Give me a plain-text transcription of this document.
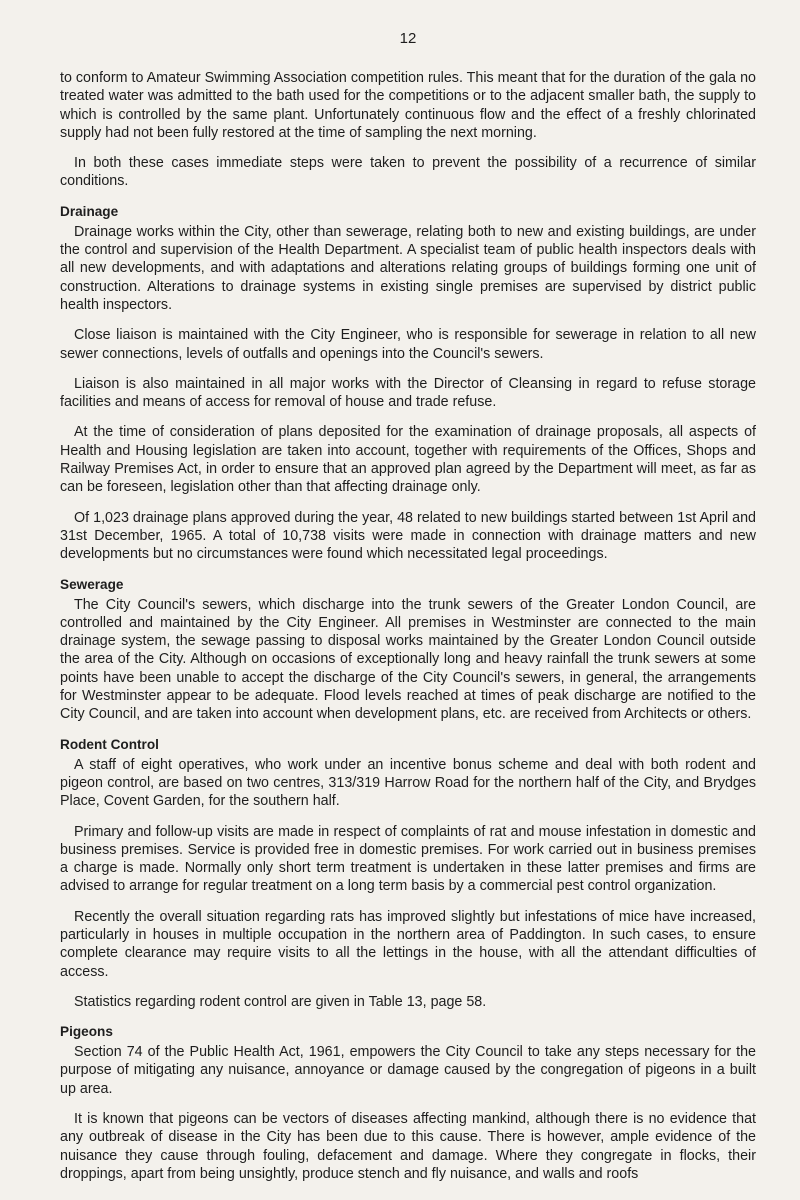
12

to conform to Amateur Swimming Association competition rules. This meant that for the duration of the gala no treated water was admitted to the bath used for the competitions or to the adjacent smaller bath, the supply to which is controlled by the same plant. Unfortunately continuous flow and the effect of a freshly chlorinated supply had not been fully restored at the time of sampling the next morning.

In both these cases immediate steps were taken to prevent the possibility of a recurrence of similar conditions.

Drainage

Drainage works within the City, other than sewerage, relating both to new and existing buildings, are under the control and supervision of the Health Department. A specialist team of public health inspectors deals with all new developments, and with adaptations and alterations relating groups of buildings forming one unit of construction. Alterations to drainage systems in existing single premises are supervised by district public health inspectors.

Close liaison is maintained with the City Engineer, who is responsible for sewerage in relation to all new sewer connections, levels of outfalls and openings into the Council's sewers.

Liaison is also maintained in all major works with the Director of Cleansing in regard to refuse storage facilities and means of access for removal of house and trade refuse.

At the time of consideration of plans deposited for the examination of drainage proposals, all aspects of Health and Housing legislation are taken into account, together with requirements of the Offices, Shops and Railway Premises Act, in order to ensure that an approved plan agreed by the Department will meet, as far as can be foreseen, legislation other than that affecting drainage only.

Of 1,023 drainage plans approved during the year, 48 related to new buildings started between 1st April and 31st December, 1965. A total of 10,738 visits were made in connection with drainage matters and new developments but no circumstances were found which necessitated legal proceedings.

Sewerage

The City Council's sewers, which discharge into the trunk sewers of the Greater London Council, are controlled and maintained by the City Engineer. All premises in Westminster are connected to the main drainage system, the sewage passing to disposal works maintained by the Greater London Council outside the area of the City. Although on occasions of exceptionally long and heavy rainfall the trunk sewers at some points have been unable to accept the discharge of the City Council's sewers, in general, the arrangements for Westminster appear to be adequate. Flood levels reached at times of peak discharge are notified to the City Council, and are taken into account when development plans, etc. are received from Architects or others.

Rodent Control

A staff of eight operatives, who work under an incentive bonus scheme and deal with both rodent and pigeon control, are based on two centres, 313/319 Harrow Road for the northern half of the City, and Brydges Place, Covent Garden, for the southern half.

Primary and follow-up visits are made in respect of complaints of rat and mouse infestation in domestic and business premises. Service is provided free in domestic premises. For work carried out in business premises a charge is made. Normally only short term treatment is undertaken in these latter premises and firms are advised to arrange for regular treatment on a long term basis by a commercial pest control organization.

Recently the overall situation regarding rats has improved slightly but infestations of mice have increased, particularly in houses in multiple occupation in the northern area of Paddington. In such cases, to ensure complete clearance may require visits to all the lettings in the house, with all the attendant difficulties of access.

Statistics regarding rodent control are given in Table 13, page 58.

Pigeons

Section 74 of the Public Health Act, 1961, empowers the City Council to take any steps necessary for the purpose of mitigating any nuisance, annoyance or damage caused by the congregation of pigeons in a built up area.

It is known that pigeons can be vectors of diseases affecting mankind, although there is no evidence that any outbreak of disease in the City has been due to this cause. There is however, ample evidence of the nuisance they cause through fouling, defacement and damage. Where they congregate in flocks, their droppings, apart from being unsightly, produce stench and fly nuisance, and walls and roofs
